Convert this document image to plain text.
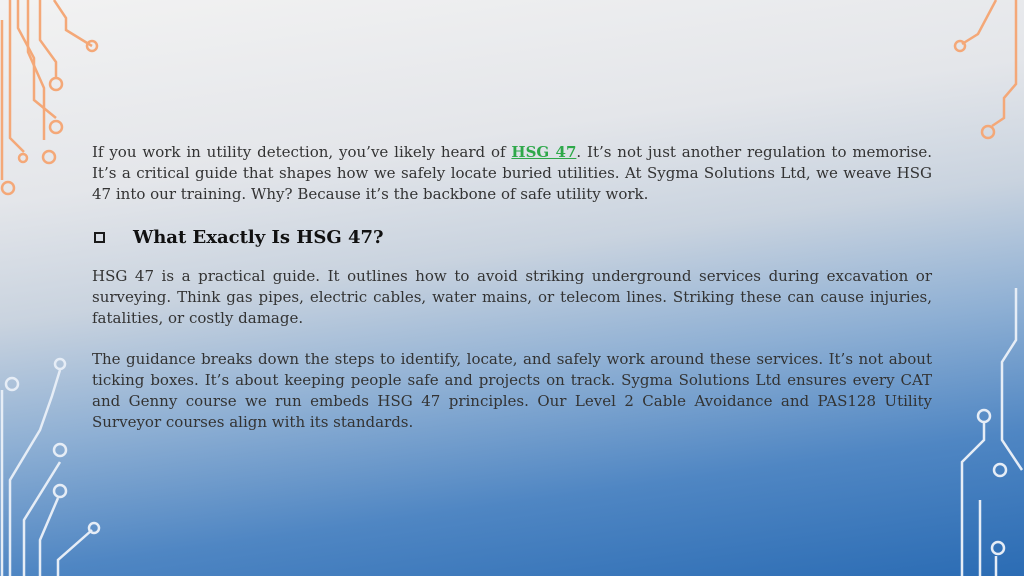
If you work in utility detection, you’ve likely heard of HSG 47. It’s not just another regulation to memorise. It’s a critical guide that shapes how we safely locate buried utilities. At Sygma Solutions Ltd, we weave HSG 47 into our training. Why? Because it’s the backbone of safe utility work.

What Exactly Is HSG 47?

HSG 47 is a practical guide. It outlines how to avoid striking underground services during excavation or surveying. Think gas pipes, electric cables, water mains, or telecom lines. Striking these can cause injuries, fatalities, or costly damage.

The guidance breaks down the steps to identify, locate, and safely work around these services. It’s not about ticking boxes. It’s about keeping people safe and projects on track. Sygma Solutions Ltd ensures every CAT and Genny course we run embeds HSG 47 principles. Our Level 2 Cable Avoidance and PAS128 Utility Surveyor courses align with its standards.
